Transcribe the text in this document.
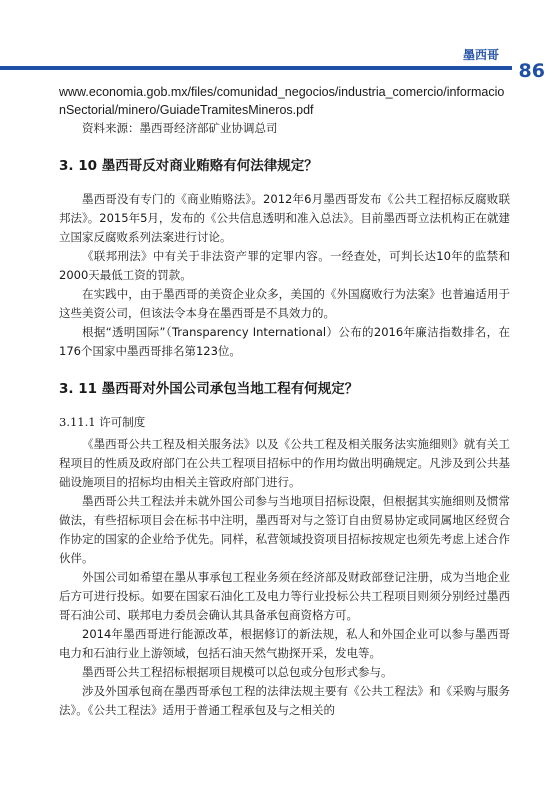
墨西哥
86

www.economia.gob.mx/files/comunidad_negocios/industria_comercio/informacionSectorial/minero/GuiadeTramitesMineros.pdf

资料来源：墨西哥经济部矿业协调总司

3. 10 墨西哥反对商业贿赂有何法律规定？

墨西哥没有专门的《商业贿赂法》。2012年6月墨西哥发布《公共工程招标反腐败联邦法》。2015年5月，发布的《公共信息透明和准入总法》。目前墨西哥立法机构正在就建立国家反腐败系列法案进行讨论。

《联邦刑法》中有关于非法资产罪的定罪内容。一经查处，可判长达10年的监禁和2000天最低工资的罚款。

在实践中，由于墨西哥的美资企业众多，美国的《外国腐败行为法案》也普遍适用于这些美资公司，但该法令本身在墨西哥是不具效力的。

根据“透明国际”（Transparency International）公布的2016年廉洁指数排名，在176个国家中墨西哥排名第123位。

3. 11 墨西哥对外国公司承包当地工程有何规定？
3.11.1 许可制度

《墨西哥公共工程及相关服务法》以及《公共工程及相关服务法实施细则》就有关工程项目的性质及政府部门在公共工程项目招标中的作用均做出明确规定。凡涉及到公共基础设施项目的招标均由相关主管政府部门进行。

墨西哥公共工程法并未就外国公司参与当地项目招标设限，但根据其实施细则及惯常做法，有些招标项目会在标书中注明，墨西哥对与之签订自由贸易协定或同属地区经贸合作协定的国家的企业给予优先。同样，私营领域投资项目招标按规定也须先考虑上述合作伙伴。

外国公司如希望在墨从事承包工程业务须在经济部及财政部登记注册，成为当地企业后方可进行投标。如要在国家石油化工及电力等行业投标公共工程项目则须分别经过墨西哥石油公司、联邦电力委员会确认其具备承包商资格方可。

2014年墨西哥进行能源改革，根据修订的新法规，私人和外国企业可以参与墨西哥电力和石油行业上游领域，包括石油天然气勘探开采，发电等。

墨西哥公共工程招标根据项目规模可以总包或分包形式参与。

涉及外国承包商在墨西哥承包工程的法律法规主要有《公共工程法》和《采购与服务法》。《公共工程法》适用于普通工程承包及与之相关的
